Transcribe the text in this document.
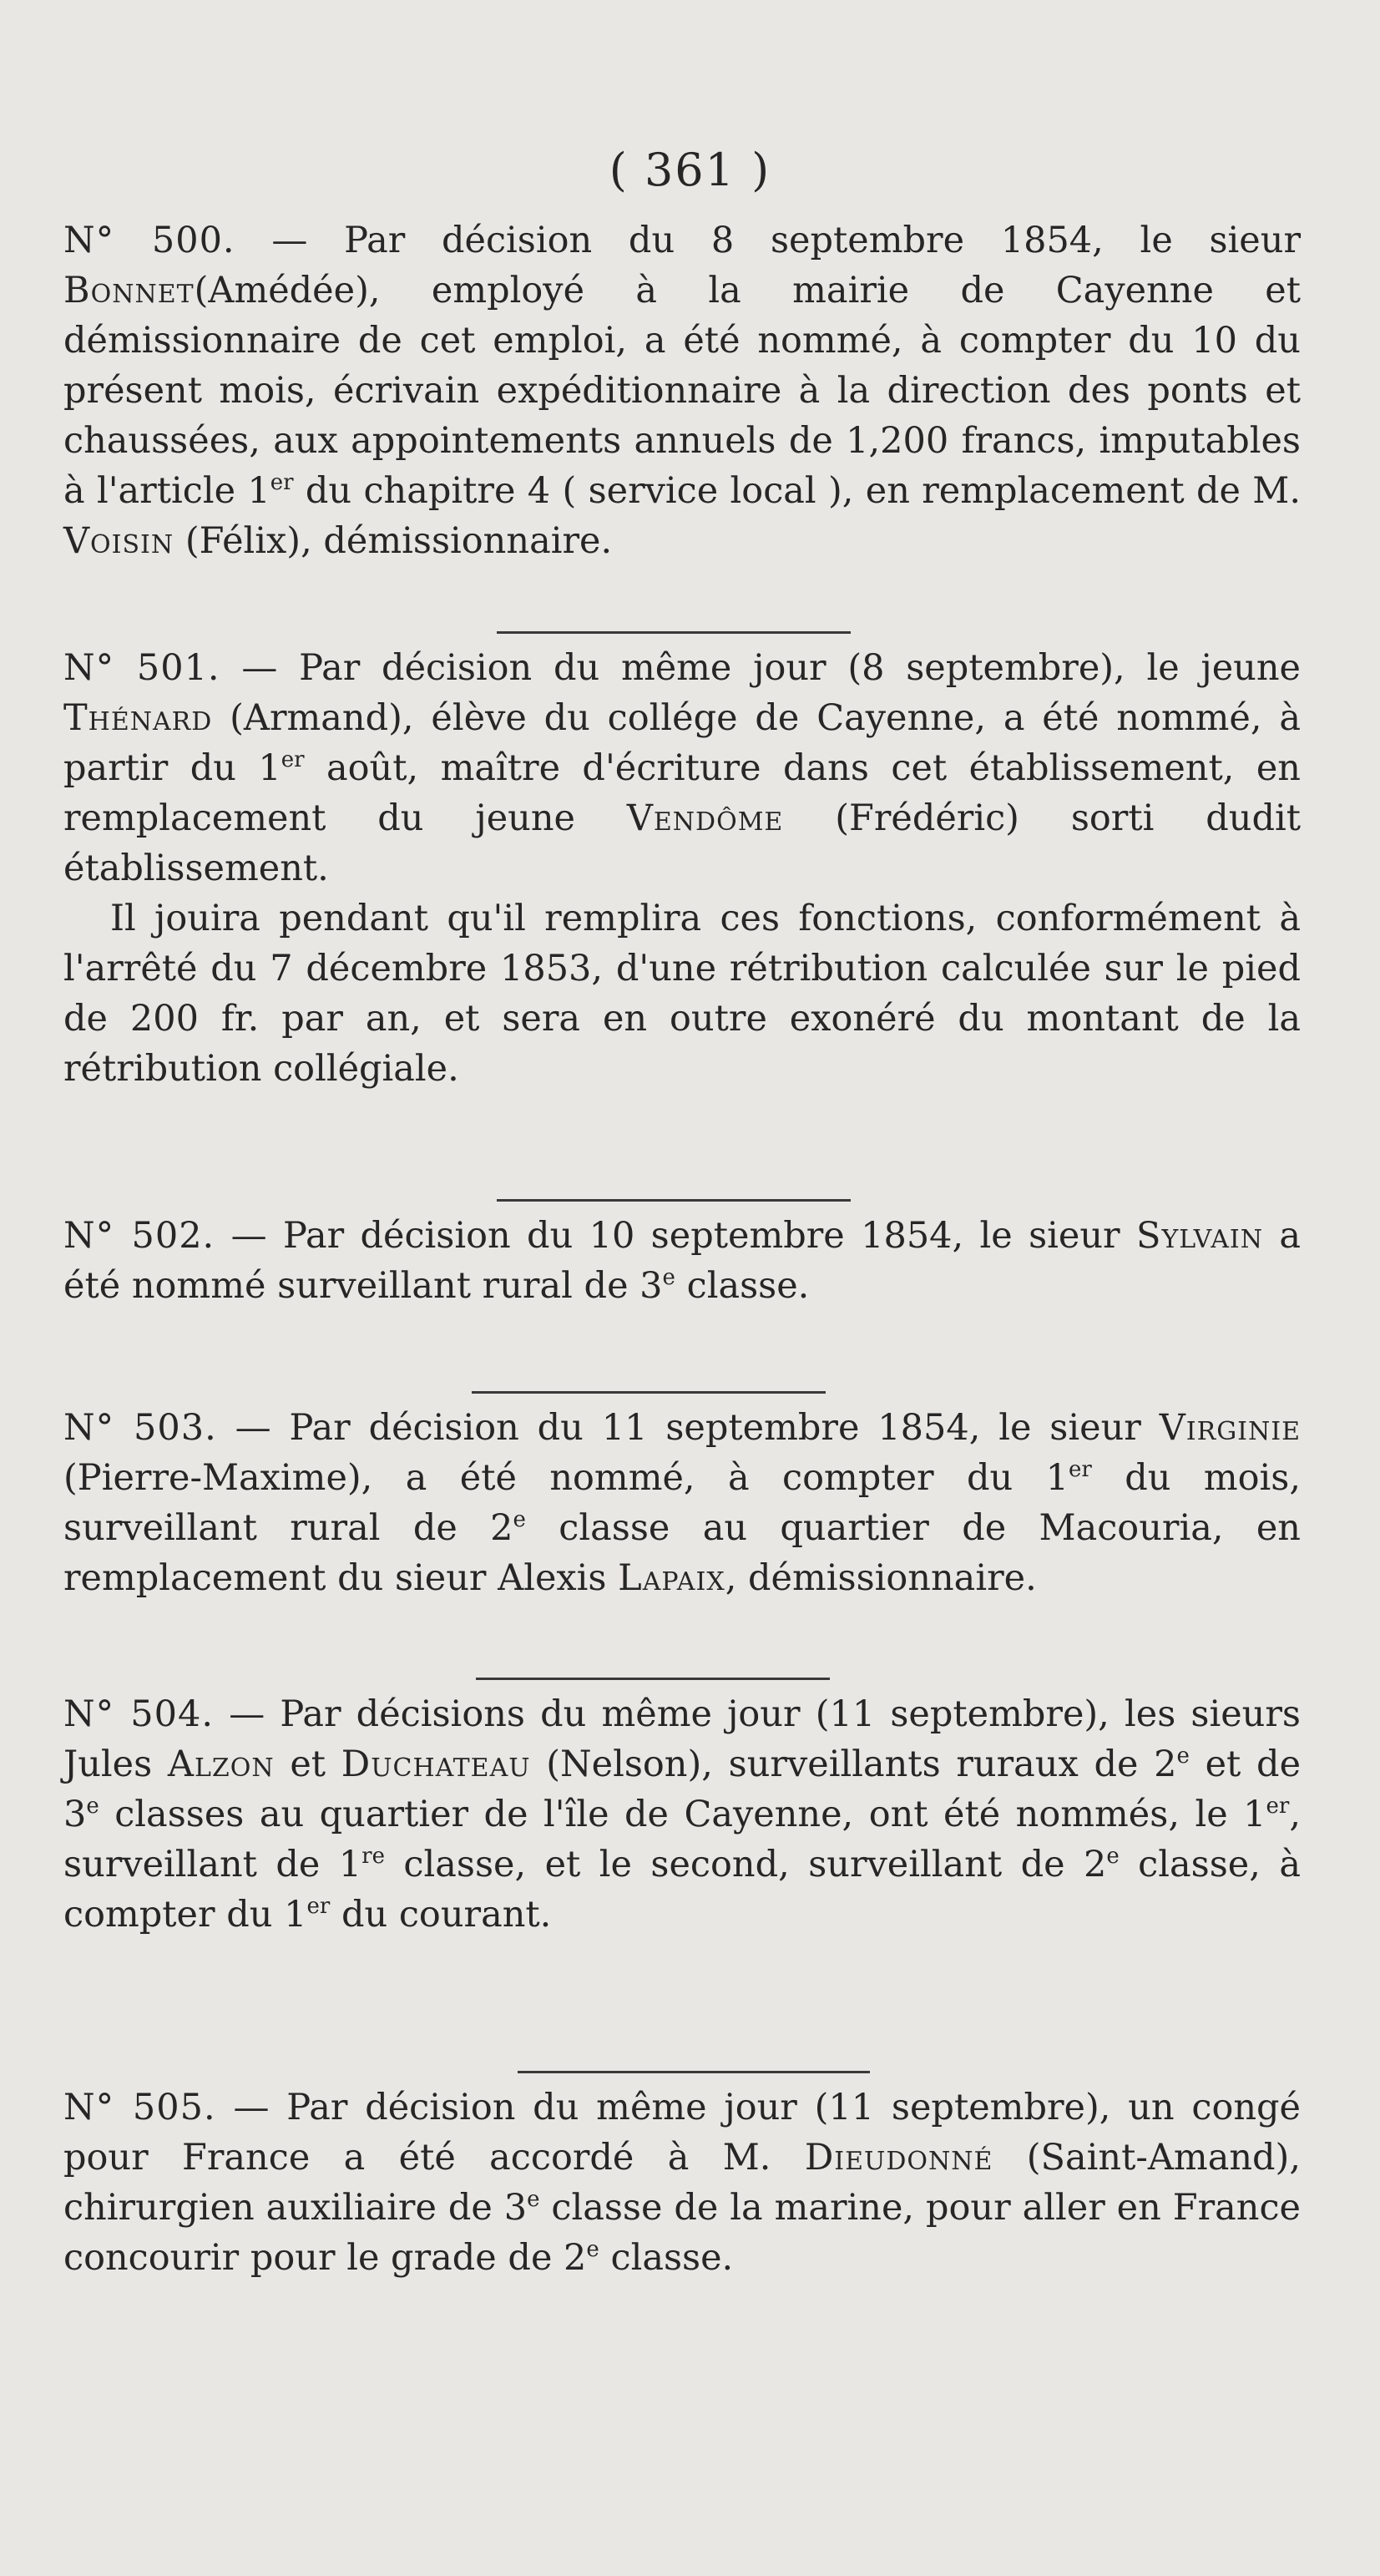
( 361 )

N° 500. — Par décision du 8 septembre 1854, le sieur Bonnet(Amédée), employé à la mairie de Cayenne et démissionnaire de cet emploi, a été nommé, à compter du 10 du présent mois, écrivain expéditionnaire à la direction des ponts et chaussées, aux appointements annuels de 1,200 francs, imputables à l'article 1er du chapitre 4 ( service local ), en remplacement de M. Voisin (Félix), démissionnaire.

N° 501. — Par décision du même jour (8 septembre), le jeune Thénard (Armand), élève du collége de Cayenne, a été nommé, à partir du 1er août, maître d'écriture dans cet établissement, en remplacement du jeune Vendôme (Frédéric) sorti dudit établissement.

Il jouira pendant qu'il remplira ces fonctions, conformément à l'arrêté du 7 décembre 1853, d'une rétribution calculée sur le pied de 200 fr. par an, et sera en outre exonéré du montant de la rétribution collégiale.

N° 502. — Par décision du 10 septembre 1854, le sieur Sylvain a été nommé surveillant rural de 3e classe.

N° 503. — Par décision du 11 septembre 1854, le sieur Virginie (Pierre-Maxime), a été nommé, à compter du 1er du mois, surveillant rural de 2e classe au quartier de Macouria, en remplacement du sieur Alexis Lapaix, démissionnaire.

N° 504. — Par décisions du même jour (11 septembre), les sieurs Jules Alzon et Duchateau (Nelson), surveillants ruraux de 2e et de 3e classes au quartier de l'île de Cayenne, ont été nommés, le 1er, surveillant de 1re classe, et le second, surveillant de 2e classe, à compter du 1er du courant.

N° 505. — Par décision du même jour (11 septembre), un congé pour France a été accordé à M. Dieudonné (Saint-Amand), chirurgien auxiliaire de 3e classe de la marine, pour aller en France concourir pour le grade de 2e classe.
